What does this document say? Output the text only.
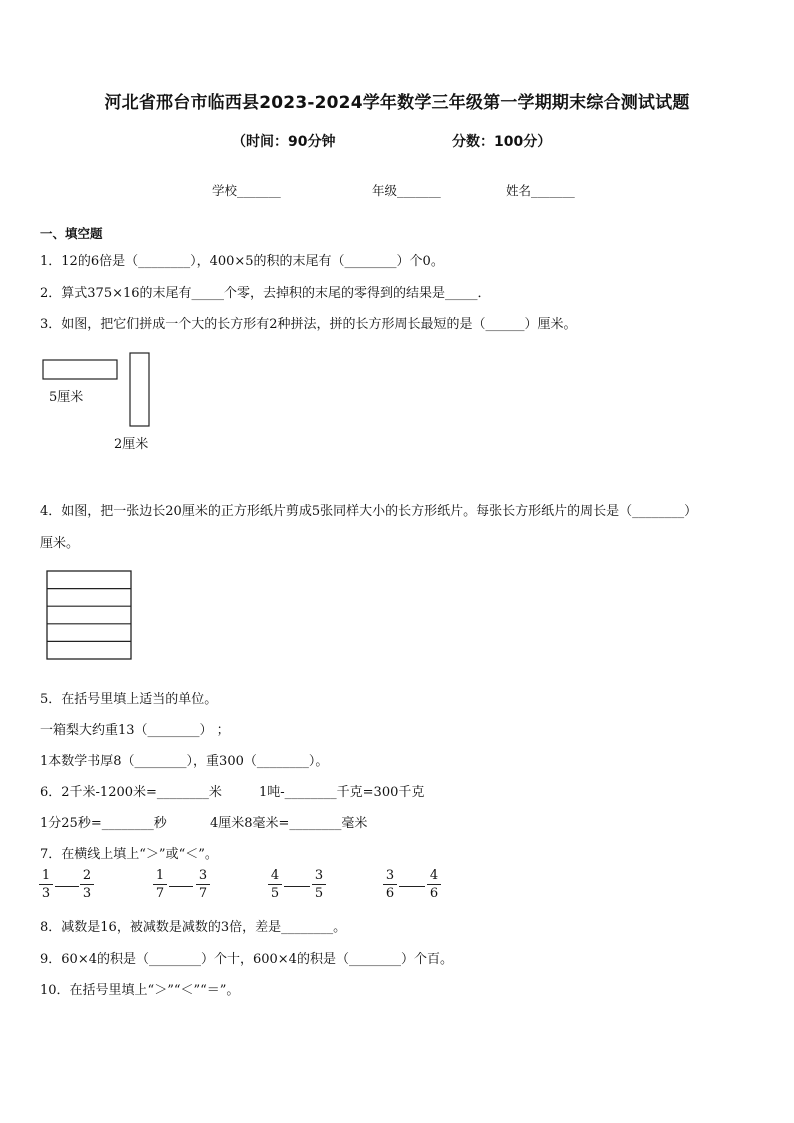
河北省邢台市临西县2023-2024学年数学三年级第一学期期末综合测试试题
（时间：90分钟	分数：100分）
学校_______	年级_______	姓名_______
一、填空题
1．12的6倍是（________），400×5的积的末尾有（________）个0。
2．算式375×16的末尾有_____个零，去掉积的末尾的零得到的结果是_____．
3．如图，把它们拼成一个大的长方形有2种拼法，拼的长方形周长最短的是（______）厘米。
5厘米
2厘米
4．如图，把一张边长20厘米的正方形纸片剪成5张同样大小的长方形纸片。每张长方形纸片的周长是（________）
厘米。
5．在括号里填上适当的单位。
一箱梨大约重13（________） ；
1本数学书厚8（________），重300（________）。
6．2千米-1200米=________米	1吨-________千克=300千克
1分25秒=________秒	4厘米8毫米=________毫米
7．在横线上填上“＞”或“＜”。
1
3
2
3
1
7
3
7
4
5
3
5
3
6
4
6
8．减数是16，被减数是减数的3倍，差是________。
9．60×4的积是（________）个十，600×4的积是（________）个百。
10．在括号里填上“＞”“＜”“＝”。
